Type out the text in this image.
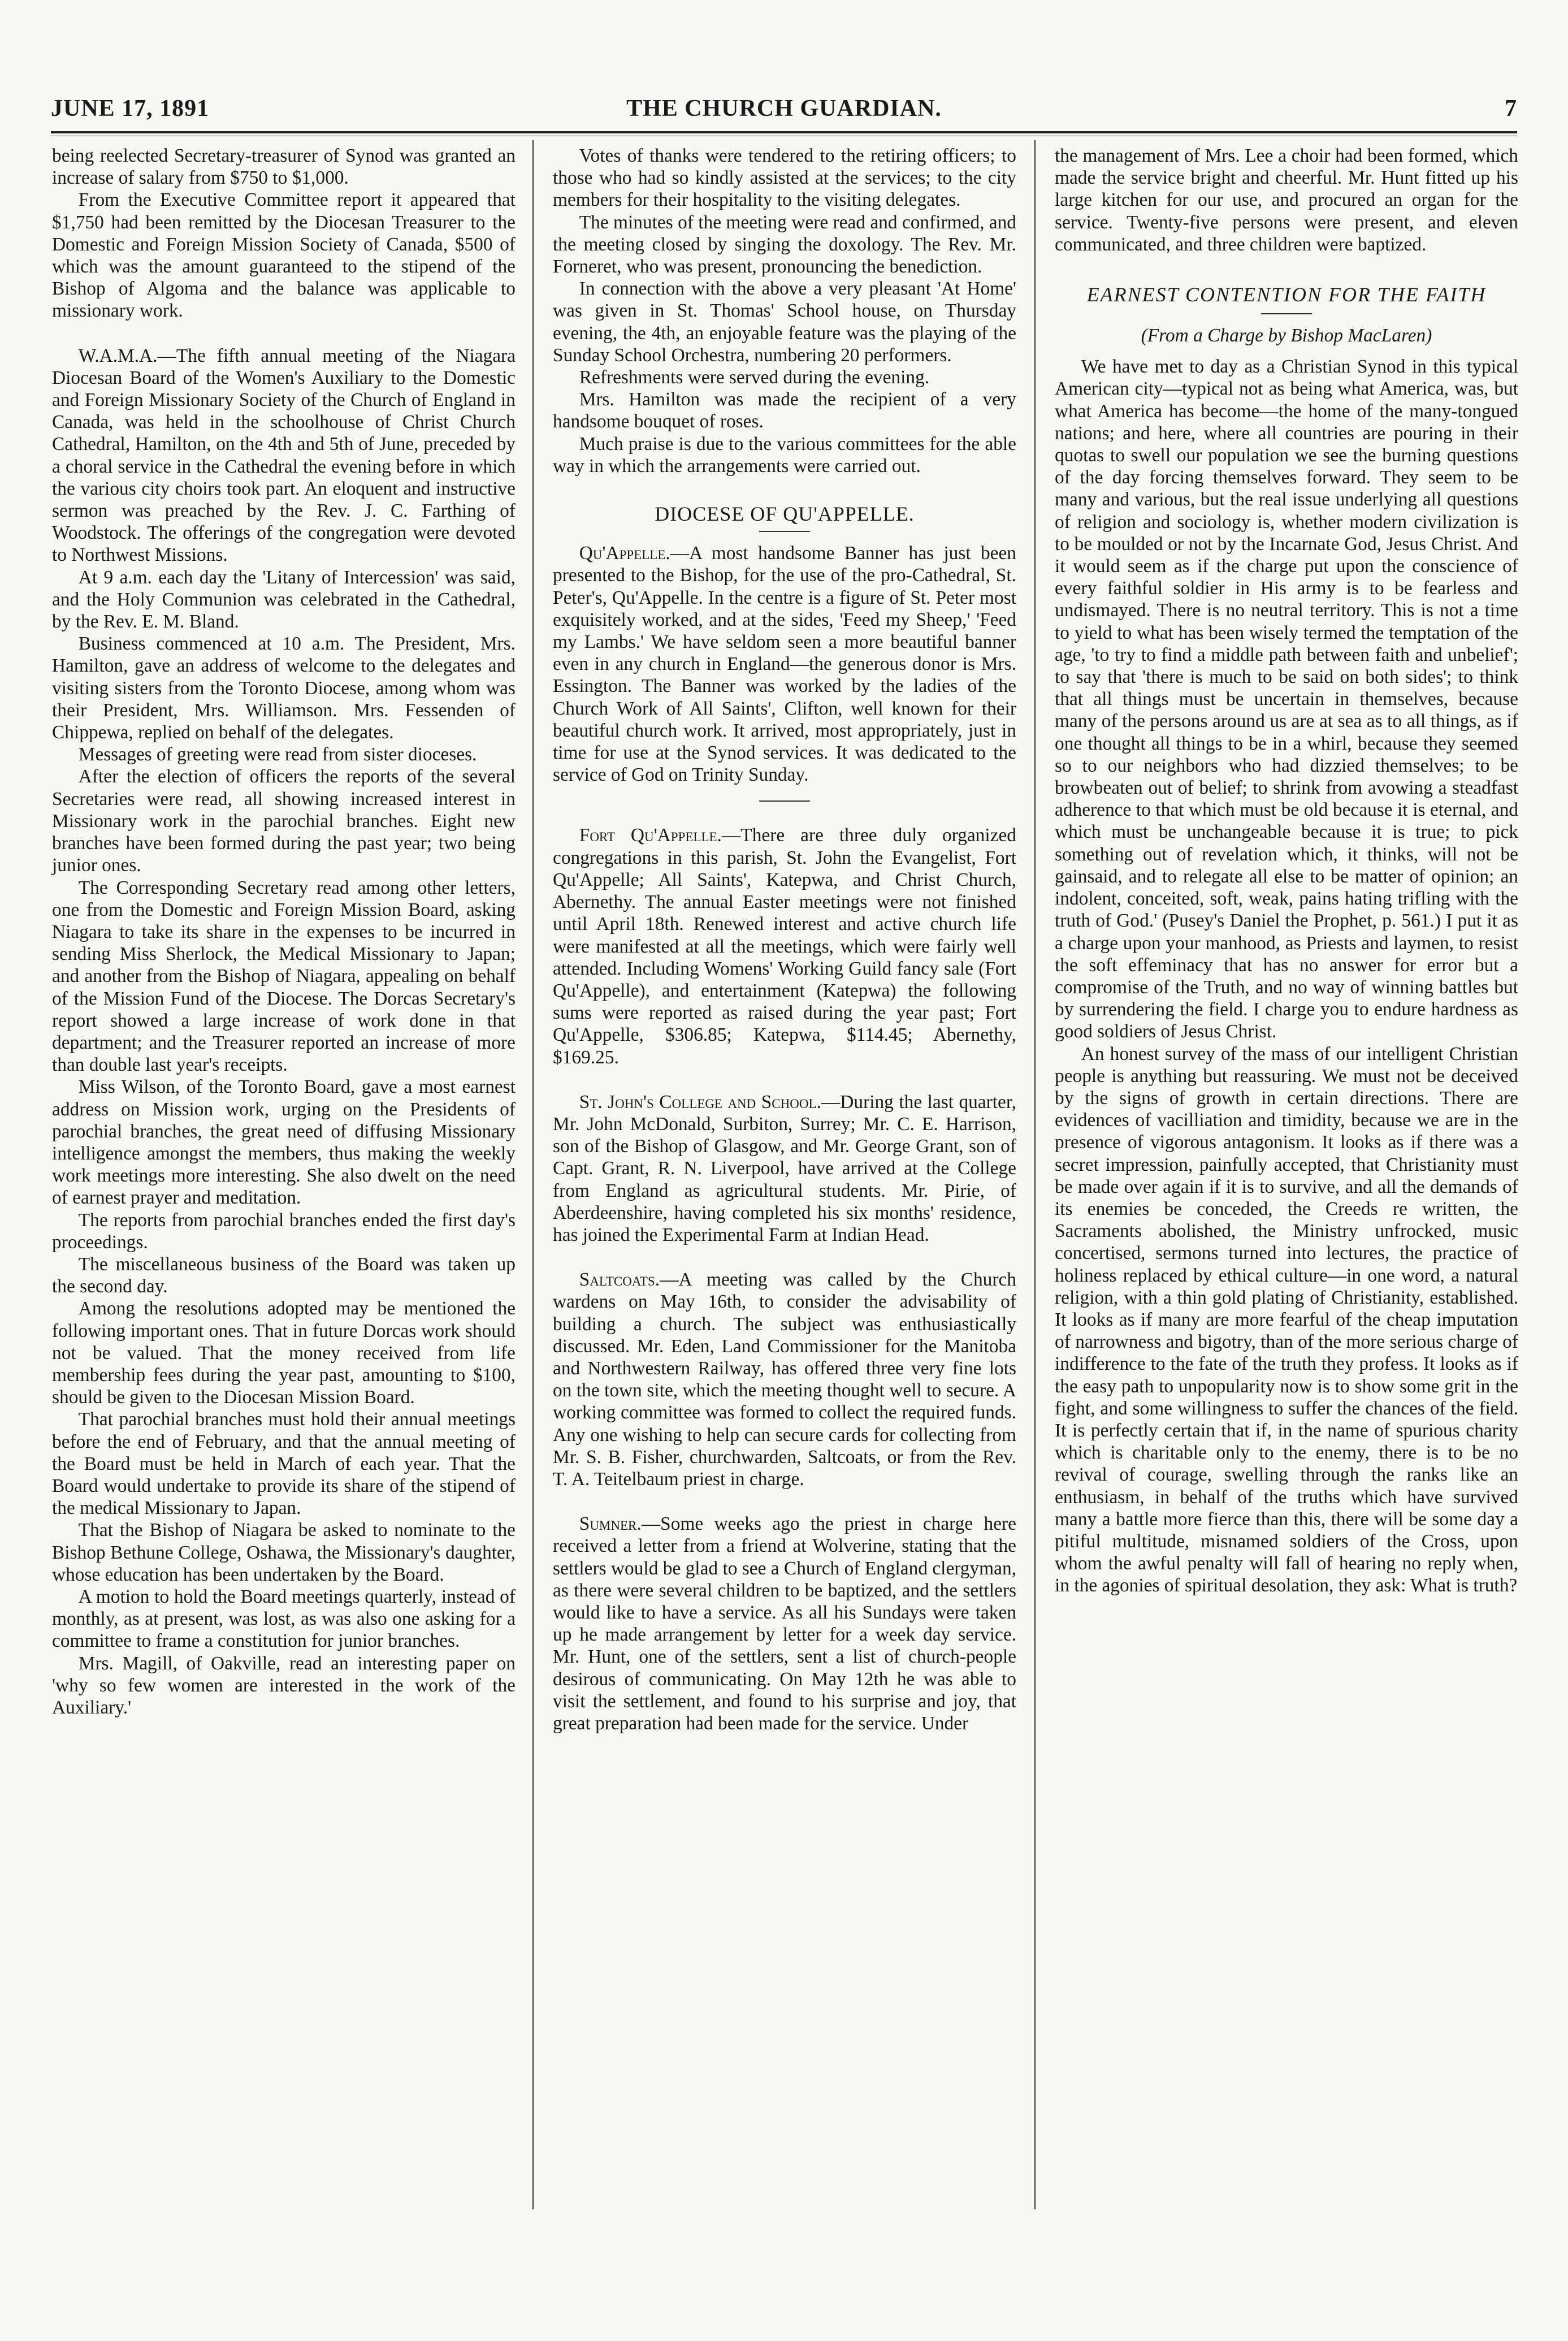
JUNE 17, 1891	THE CHURCH GUARDIAN.	7

being reelected Secretary-treasurer of Synod was granted an increase of salary from $750 to $1,000.

From the Executive Committee report it appeared that $1,750 had been remitted by the Diocesan Treasurer to the Domestic and Foreign Mission Society of Canada, $500 of which was the amount guaranteed to the stipend of the Bishop of Algoma and the balance was applicable to missionary work.

W.A.M.A.—The fifth annual meeting of the Niagara Diocesan Board of the Women's Auxiliary to the Domestic and Foreign Missionary Society of the Church of England in Canada, was held in the schoolhouse of Christ Church Cathedral, Hamilton, on the 4th and 5th of June, preceded by a choral service in the Cathedral the evening before in which the various city choirs took part. An eloquent and instructive sermon was preached by the Rev. J. C. Farthing of Woodstock. The offerings of the congregation were devoted to Northwest Missions.

At 9 a.m. each day the 'Litany of Intercession' was said, and the Holy Communion was celebrated in the Cathedral, by the Rev. E. M. Bland.

Business commenced at 10 a.m. The President, Mrs. Hamilton, gave an address of welcome to the delegates and visiting sisters from the Toronto Diocese, among whom was their President, Mrs. Williamson. Mrs. Fessenden of Chippewa, replied on behalf of the delegates.

Messages of greeting were read from sister dioceses.

After the election of officers the reports of the several Secretaries were read, all showing increased interest in Missionary work in the parochial branches. Eight new branches have been formed during the past year; two being junior ones.

The Corresponding Secretary read among other letters, one from the Domestic and Foreign Mission Board, asking Niagara to take its share in the expenses to be incurred in sending Miss Sherlock, the Medical Missionary to Japan; and another from the Bishop of Niagara, appealing on behalf of the Mission Fund of the Diocese. The Dorcas Secretary's report showed a large increase of work done in that department; and the Treasurer reported an increase of more than double last year's receipts.

Miss Wilson, of the Toronto Board, gave a most earnest address on Mission work, urging on the Presidents of parochial branches, the great need of diffusing Missionary intelligence amongst the members, thus making the weekly work meetings more interesting. She also dwelt on the need of earnest prayer and meditation.

The reports from parochial branches ended the first day's proceedings.

The miscellaneous business of the Board was taken up the second day.

Among the resolutions adopted may be mentioned the following important ones. That in future Dorcas work should not be valued. That the money received from life membership fees during the year past, amounting to $100, should be given to the Diocesan Mission Board.

That parochial branches must hold their annual meetings before the end of February, and that the annual meeting of the Board must be held in March of each year. That the Board would undertake to provide its share of the stipend of the medical Missionary to Japan.

That the Bishop of Niagara be asked to nominate to the Bishop Bethune College, Oshawa, the Missionary's daughter, whose education has been undertaken by the Board.

A motion to hold the Board meetings quarterly, instead of monthly, as at present, was lost, as was also one asking for a committee to frame a constitution for junior branches.

Mrs. Magill, of Oakville, read an interesting paper on 'why so few women are interested in the work of the Auxiliary.'

Votes of thanks were tendered to the retiring officers; to those who had so kindly assisted at the services; to the city members for their hospitality to the visiting delegates.

The minutes of the meeting were read and confirmed, and the meeting closed by singing the doxology. The Rev. Mr. Forneret, who was present, pronouncing the benediction.

In connection with the above a very pleasant 'At Home' was given in St. Thomas' School house, on Thursday evening, the 4th, an enjoyable feature was the playing of the Sunday School Orchestra, numbering 20 performers.

Refreshments were served during the evening.

Mrs. Hamilton was made the recipient of a very handsome bouquet of roses.

Much praise is due to the various committees for the able way in which the arrangements were carried out.

DIOCESE OF QU'APPELLE.

Qu'Appelle.—A most handsome Banner has just been presented to the Bishop, for the use of the pro-Cathedral, St. Peter's, Qu'Appelle. In the centre is a figure of St. Peter most exquisitely worked, and at the sides, 'Feed my Sheep,' 'Feed my Lambs.' We have seldom seen a more beautiful banner even in any church in England—the generous donor is Mrs. Essington. The Banner was worked by the ladies of the Church Work of All Saints', Clifton, well known for their beautiful church work. It arrived, most appropriately, just in time for use at the Synod services. It was dedicated to the service of God on Trinity Sunday.

Fort Qu'Appelle.—There are three duly organized congregations in this parish, St. John the Evangelist, Fort Qu'Appelle; All Saints', Katepwa, and Christ Church, Abernethy. The annual Easter meetings were not finished until April 18th. Renewed interest and active church life were manifested at all the meetings, which were fairly well attended. Including Womens' Working Guild fancy sale (Fort Qu'Appelle), and entertainment (Katepwa) the following sums were reported as raised during the year past; Fort Qu'Appelle, $306.85; Katepwa, $114.45; Abernethy, $169.25.

St. John's College and School.—During the last quarter, Mr. John McDonald, Surbiton, Surrey; Mr. C. E. Harrison, son of the Bishop of Glasgow, and Mr. George Grant, son of Capt. Grant, R. N. Liverpool, have arrived at the College from England as agricultural students. Mr. Pirie, of Aberdeenshire, having completed his six months' residence, has joined the Experimental Farm at Indian Head.

Saltcoats.—A meeting was called by the Church wardens on May 16th, to consider the advisability of building a church. The subject was enthusiastically discussed. Mr. Eden, Land Commissioner for the Manitoba and Northwestern Railway, has offered three very fine lots on the town site, which the meeting thought well to secure. A working committee was formed to collect the required funds. Any one wishing to help can secure cards for collecting from Mr. S. B. Fisher, churchwarden, Saltcoats, or from the Rev. T. A. Teitelbaum priest in charge.

Sumner.—Some weeks ago the priest in charge here received a letter from a friend at Wolverine, stating that the settlers would be glad to see a Church of England clergyman, as there were several children to be baptized, and the settlers would like to have a service. As all his Sundays were taken up he made arrangement by letter for a week day service. Mr. Hunt, one of the settlers, sent a list of church-people desirous of communicating. On May 12th he was able to visit the settlement, and found to his surprise and joy, that great preparation had been made for the service. Under

the management of Mrs. Lee a choir had been formed, which made the service bright and cheerful. Mr. Hunt fitted up his large kitchen for our use, and procured an organ for the service. Twenty-five persons were present, and eleven communicated, and three children were baptized.

EARNEST CONTENTION FOR THE FAITH
(From a Charge by Bishop MacLaren)

We have met to day as a Christian Synod in this typical American city—typical not as being what America, was, but what America has become—the home of the many-tongued nations; and here, where all countries are pouring in their quotas to swell our population we see the burning questions of the day forcing themselves forward. They seem to be many and various, but the real issue underlying all questions of religion and sociology is, whether modern civilization is to be moulded or not by the Incarnate God, Jesus Christ. And it would seem as if the charge put upon the conscience of every faithful soldier in His army is to be fearless and undismayed. There is no neutral territory. This is not a time to yield to what has been wisely termed the temptation of the age, 'to try to find a middle path between faith and unbelief'; to say that 'there is much to be said on both sides'; to think that all things must be uncertain in themselves, because many of the persons around us are at sea as to all things, as if one thought all things to be in a whirl, because they seemed so to our neighbors who had dizzied themselves; to be browbeaten out of belief; to shrink from avowing a steadfast adherence to that which must be old because it is eternal, and which must be unchangeable because it is true; to pick something out of revelation which, it thinks, will not be gainsaid, and to relegate all else to be matter of opinion; an indolent, conceited, soft, weak, pains hating trifling with the truth of God.' (Pusey's Daniel the Prophet, p. 561.) I put it as a charge upon your manhood, as Priests and laymen, to resist the soft effeminacy that has no answer for error but a compromise of the Truth, and no way of winning battles but by surrendering the field. I charge you to endure hardness as good soldiers of Jesus Christ.

An honest survey of the mass of our intelligent Christian people is anything but reassuring. We must not be deceived by the signs of growth in certain directions. There are evidences of vacilliation and timidity, because we are in the presence of vigorous antagonism. It looks as if there was a secret impression, painfully accepted, that Christianity must be made over again if it is to survive, and all the demands of its enemies be conceded, the Creeds re written, the Sacraments abolished, the Ministry unfrocked, music concertised, sermons turned into lectures, the practice of holiness replaced by ethical culture—in one word, a natural religion, with a thin gold plating of Christianity, established. It looks as if many are more fearful of the cheap imputation of narrowness and bigotry, than of the more serious charge of indifference to the fate of the truth they profess. It looks as if the easy path to unpopularity now is to show some grit in the fight, and some willingness to suffer the chances of the field. It is perfectly certain that if, in the name of spurious charity which is charitable only to the enemy, there is to be no revival of courage, swelling through the ranks like an enthusiasm, in behalf of the truths which have survived many a battle more fierce than this, there will be some day a pitiful multitude, misnamed soldiers of the Cross, upon whom the awful penalty will fall of hearing no reply when, in the agonies of spiritual desolation, they ask: What is truth?
